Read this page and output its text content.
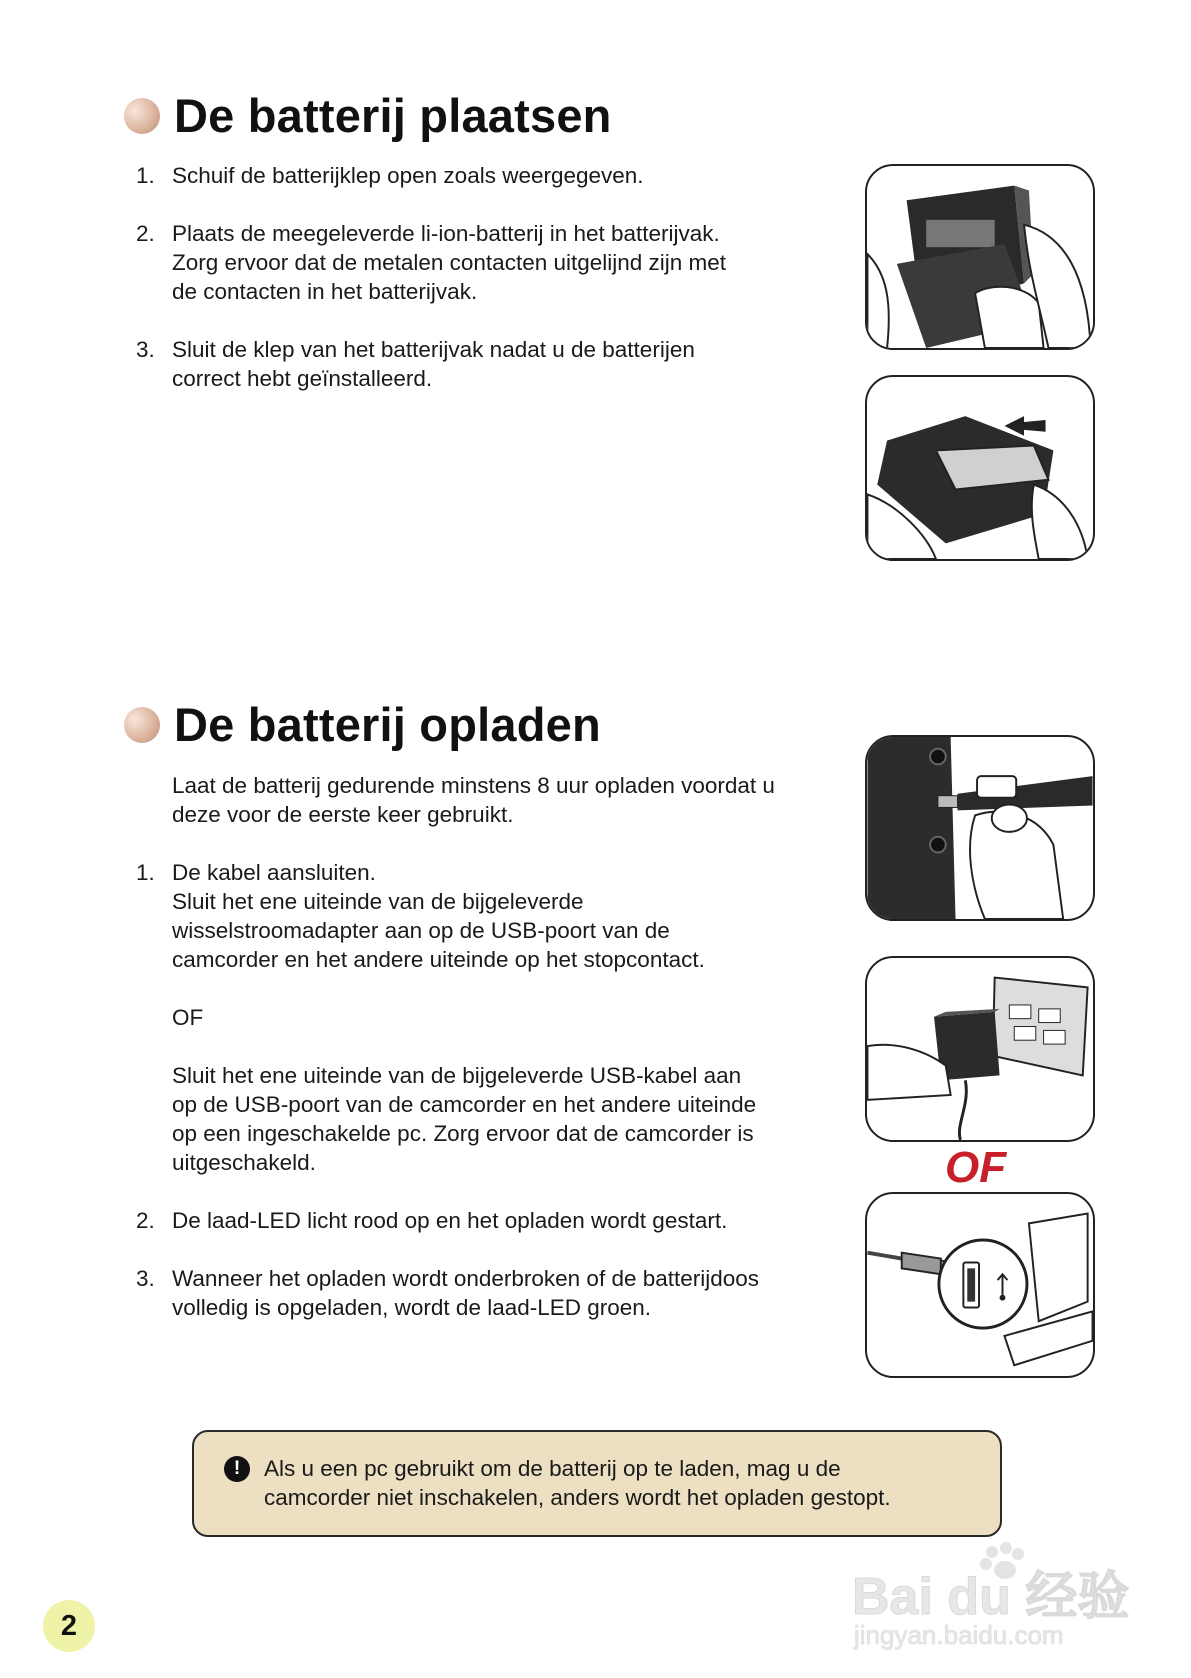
De batterij plaatsen
1. Schuif de batterijklep open zoals weergegeven.
2. Plaats de meegeleverde li-ion-batterij in het batterijvak.
Zorg ervoor dat de metalen contacten uitgelijnd zijn met
de contacten in het batterijvak.
3. Sluit de klep van het batterijvak nadat u de batterijen
correct hebt geïnstalleerd.
De batterij opladen
Laat de batterij gedurende minstens 8 uur opladen voordat u
deze voor de eerste keer gebruikt.
1. De kabel aansluiten.
Sluit het ene uiteinde van de bijgeleverde
wisselstroomadapter aan op de USB-poort van de
camcorder en het andere uiteinde op het stopcontact.
OF
Sluit het ene uiteinde van de bijgeleverde USB-kabel aan
op de USB-poort van de camcorder en het andere uiteinde
op een ingeschakelde pc. Zorg ervoor dat de camcorder is
uitgeschakeld.
2. De laad-LED licht rood op en het opladen wordt gestart.
3. Wanneer het opladen wordt onderbroken of de batterijdoos
volledig is opgeladen, wordt de laad-LED groen.
OF
!	Als u een pc gebruikt om de batterij op te laden, mag u de
camcorder niet inschakelen, anders wordt het opladen gestopt.
2	Bai du 经验
jingyan.baidu.com
